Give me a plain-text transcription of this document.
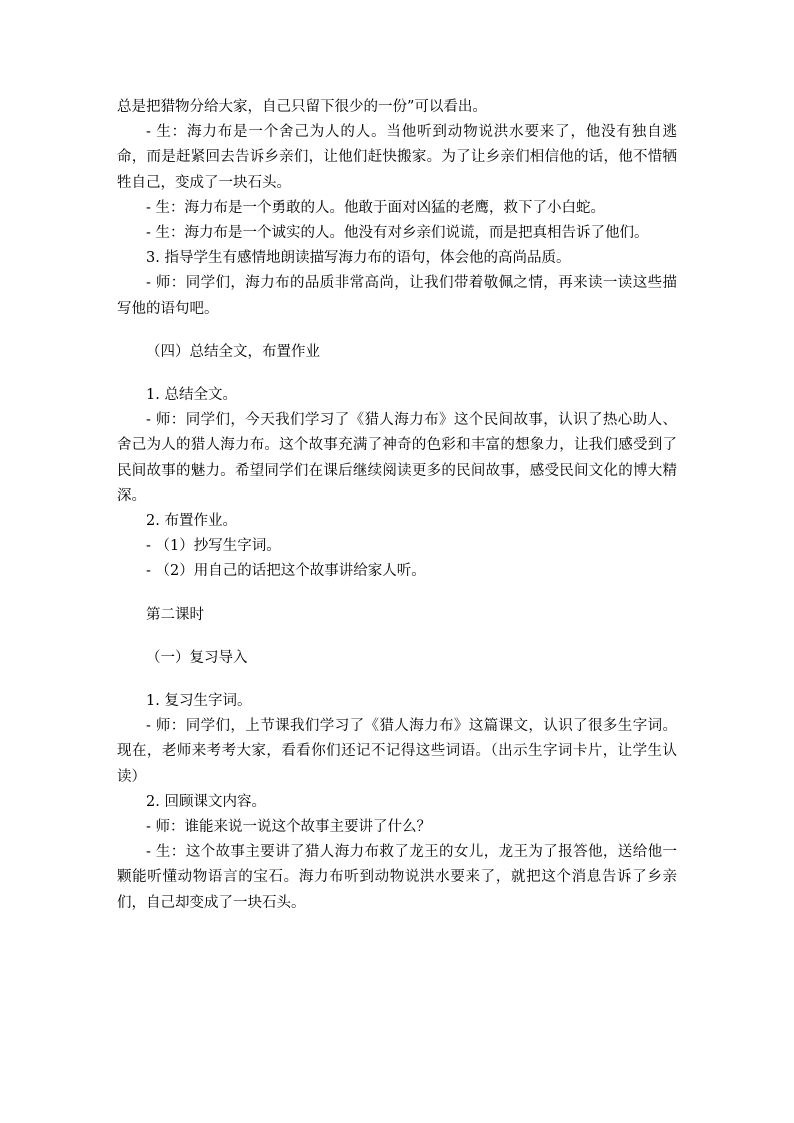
总是把猎物分给大家，自己只留下很少的一份”可以看出。

- 生：海力布是一个舍己为人的人。当他听到动物说洪水要来了，他没有独自逃命，而是赶紧回去告诉乡亲们，让他们赶快搬家。为了让乡亲们相信他的话，他不惜牺牲自己，变成了一块石头。

- 生：海力布是一个勇敢的人。他敢于面对凶猛的老鹰，救下了小白蛇。

- 生：海力布是一个诚实的人。他没有对乡亲们说谎，而是把真相告诉了他们。

3. 指导学生有感情地朗读描写海力布的语句，体会他的高尚品质。

- 师：同学们，海力布的品质非常高尚，让我们带着敬佩之情，再来读一读这些描写他的语句吧。

（四）总结全文，布置作业

1. 总结全文。

- 师：同学们，今天我们学习了《猎人海力布》这个民间故事，认识了热心助人、舍己为人的猎人海力布。这个故事充满了神奇的色彩和丰富的想象力，让我们感受到了民间故事的魅力。希望同学们在课后继续阅读更多的民间故事，感受民间文化的博大精深。

2. 布置作业。

- （1）抄写生字词。

- （2）用自己的话把这个故事讲给家人听。

第二课时

（一）复习导入

1. 复习生字词。

- 师：同学们，上节课我们学习了《猎人海力布》这篇课文，认识了很多生字词。现在，老师来考考大家，看看你们还记不记得这些词语。（出示生字词卡片，让学生认读）

2. 回顾课文内容。

- 师：谁能来说一说这个故事主要讲了什么？

- 生：这个故事主要讲了猎人海力布救了龙王的女儿，龙王为了报答他，送给他一颗能听懂动物语言的宝石。海力布听到动物说洪水要来了，就把这个消息告诉了乡亲们，自己却变成了一块石头。
